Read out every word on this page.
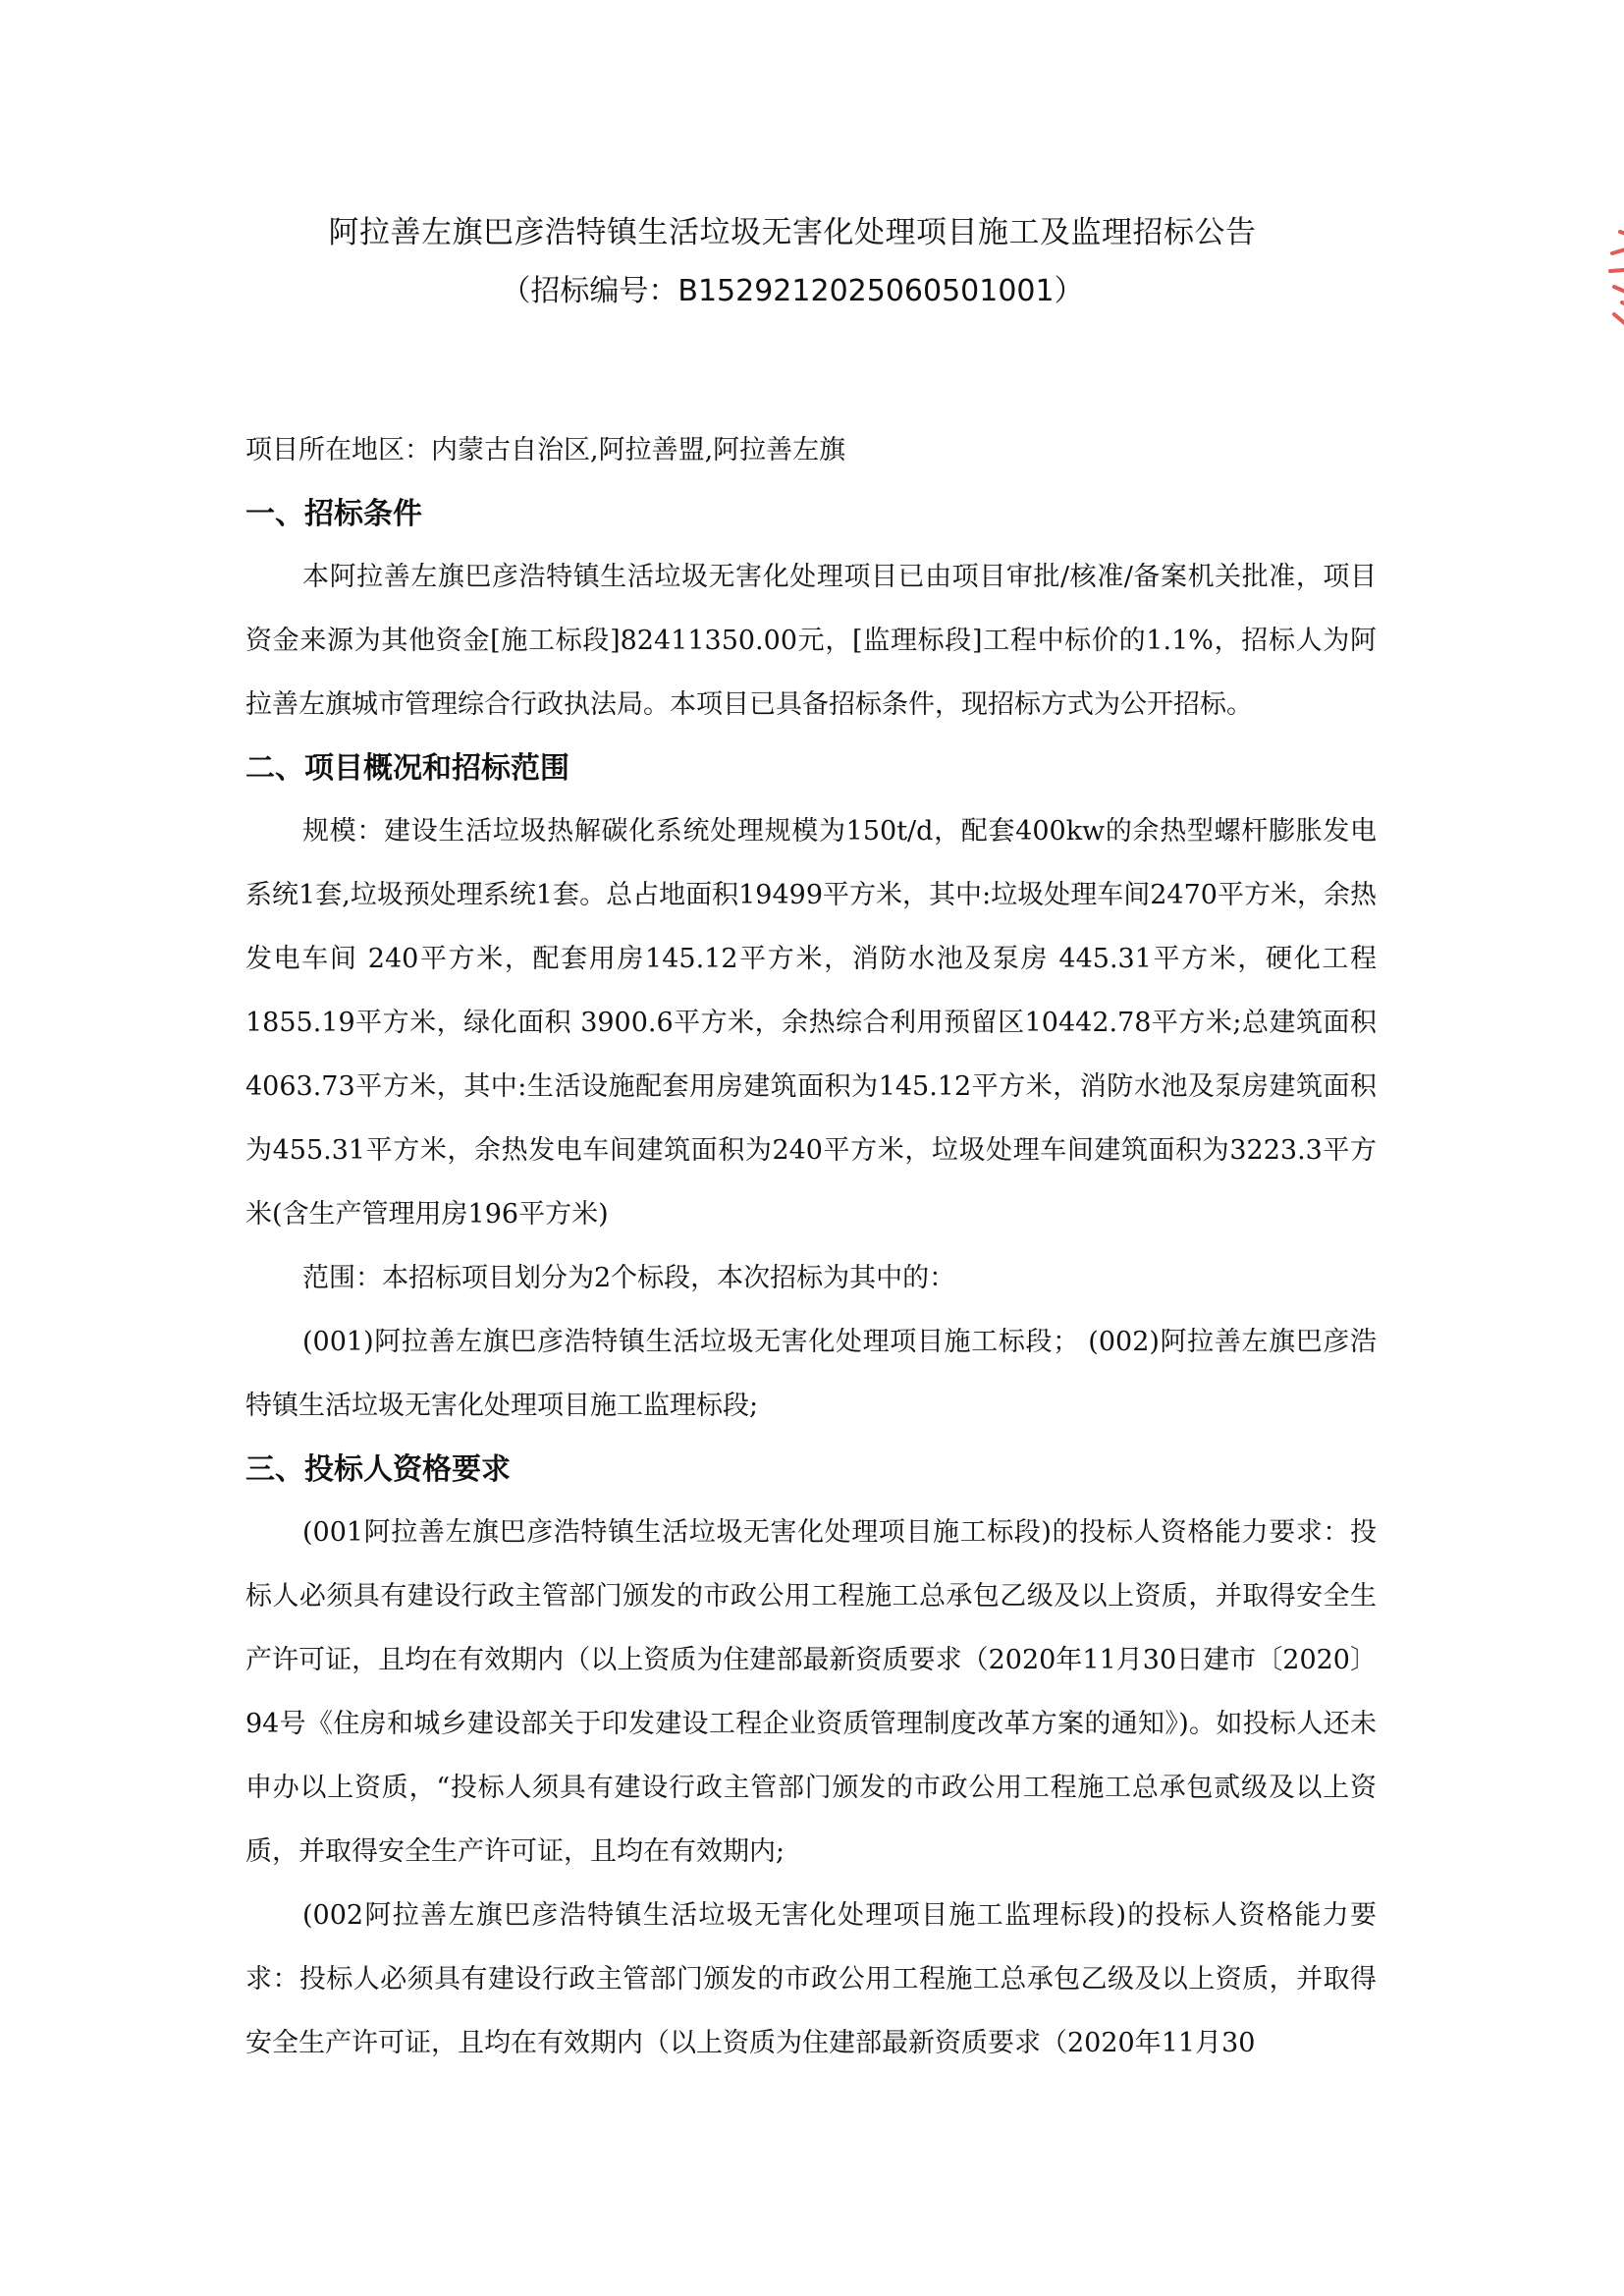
阿拉善左旗巴彦浩特镇生活垃圾无害化处理项目施工及监理招标公告
（招标编号：B1529212025060501001）

项目所在地区：内蒙古自治区,阿拉善盟,阿拉善左旗

一、招标条件

本阿拉善左旗巴彦浩特镇生活垃圾无害化处理项目已由项目审批/核准/备案机关批准，项目资金来源为其他资金[施工标段]82411350.00元，[监理标段]工程中标价的1.1%，招标人为阿拉善左旗城市管理综合行政执法局。本项目已具备招标条件，现招标方式为公开招标。

二、项目概况和招标范围

规模：建设生活垃圾热解碳化系统处理规模为150t/d，配套400kw的余热型螺杆膨胀发电系统1套,垃圾预处理系统1套。总占地面积19499平方米，其中:垃圾处理车间2470平方米，余热发电车间 240平方米，配套用房145.12平方米，消防水池及泵房 445.31平方米，硬化工程 1855.19平方米，绿化面积 3900.6平方米，余热综合利用预留区10442.78平方米;总建筑面积4063.73平方米，其中:生活设施配套用房建筑面积为145.12平方米，消防水池及泵房建筑面积为455.31平方米，余热发电车间建筑面积为240平方米，垃圾处理车间建筑面积为3223.3平方米(含生产管理用房196平方米)

范围：本招标项目划分为2个标段，本次招标为其中的：

(001)阿拉善左旗巴彦浩特镇生活垃圾无害化处理项目施工标段； (002)阿拉善左旗巴彦浩特镇生活垃圾无害化处理项目施工监理标段;

三、投标人资格要求

(001阿拉善左旗巴彦浩特镇生活垃圾无害化处理项目施工标段)的投标人资格能力要求：投标人必须具有建设行政主管部门颁发的市政公用工程施工总承包乙级及以上资质，并取得安全生产许可证，且均在有效期内（以上资质为住建部最新资质要求（2020年11月30日建市〔2020〕94号《住房和城乡建设部关于印发建设工程企业资质管理制度改革方案的通知》)。如投标人还未申办以上资质，“投标人须具有建设行政主管部门颁发的市政公用工程施工总承包贰级及以上资质，并取得安全生产许可证，且均在有效期内;

(002阿拉善左旗巴彦浩特镇生活垃圾无害化处理项目施工监理标段)的投标人资格能力要求：投标人必须具有建设行政主管部门颁发的市政公用工程施工总承包乙级及以上资质，并取得安全生产许可证，且均在有效期内（以上资质为住建部最新资质要求（2020年11月30
